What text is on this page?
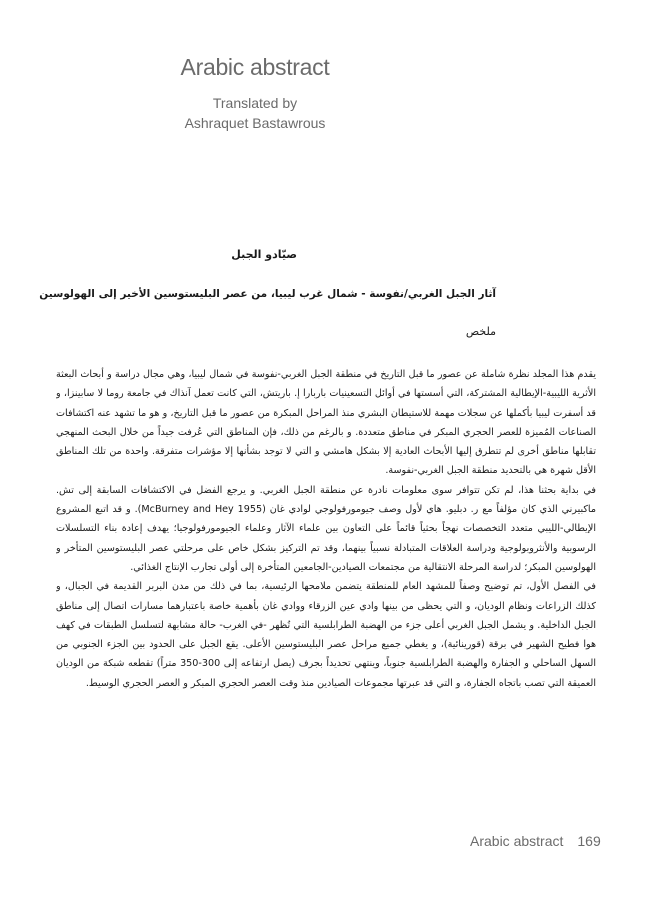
Arabic abstract
Translated by
Ashraquet Bastawrous
صيّادو الجبل
آثار الجبل الغربي/نفوسة - شمال غرب ليبيا، من عصر البليستوسين الأخير إلى الهولوسين
ملخص

يقدم هذا المجلد نظرة شاملة عن عصور ما قبل التاريخ في منطقة الجبل الغربي-نفوسة في شمال ليبيا، وهي مجال دراسة و أبحاث البعثة الأثرية الليبية-الإيطالية المشتركة، التي أسستها في أوائل التسعينيات باربارا إ. باريتش، التي كانت تعمل آنذاك في جامعة روما لا سابينزا، و قد أسفرت ليبيا بأكملها عن سجلات مهمة للاستيطان البشري منذ المراحل المبكرة من عصور ما قبل التاريخ، و هو ما تشهد عنه اكتشافات الصناعات المُميزة للعصر الحجري المبكر في مناطق متعددة. و بالرغم من ذلك، فإن المناطق التي عُرفت جيداً من خلال البحث المنهجي تقابلها مناطق أخرى لم تتطرق إليها الأبحاث العادية إلا بشكل هامشي و التي لا توجد بشأنها إلا مؤشرات متفرقة. واحدة من تلك المناطق الأقل شهرة هي بالتحديد منطقة الجبل الغربي-نفوسة.

في بداية بحثنا هذا، لم تكن تتوافر سوى معلومات نادرة عن منطقة الجبل الغربي. و يرجع الفضل في الاكتشافات السابقة إلى تش. ماكبيرني الذي كان مؤلفاً مع ر. دبليو. هاي لأول وصف جيومورفولوجي لوادي غان (McBurney and Hey 1955). و قد اتبع المشروع الإيطالي-الليبي متعدد التخصصات نهجاً بحثياً قائماً على التعاون بين علماء الآثار وعلماء الجيومورفولوجيا؛ يهدف إعادة بناء التسلسلات الرسوبية والأنثروبولوجية ودراسة العلاقات المتبادلة نسبياً بينهما، وقد تم التركيز بشكل خاص على مرحلتي عصر البليستوسين المتأخر و الهولوسين المبكر؛ لدراسة المرحلة الانتقالية من مجتمعات الصيادين-الجامعين المتأخرة إلى أولى تجارب الإنتاج الغذائي.

في الفصل الأول، تم توضيح وصفاً للمشهد العام للمنطقة يتضمن ملامحها الرئيسية، بما في ذلك من مدن البربر القديمة في الجبال، و كذلك الزراعات ونظام الوديان، و التي يحظى من بينها وادي عين الزرقاء ووادي غان بأهمية خاصة باعتبارهما مسارات اتصال إلى مناطق الجبل الداخلية. و يشمل الجبل الغربي أعلى جزء من الهضبة الطرابلسية التي تُظهر -في الغرب- حالة مشابهة لتسلسل الطبقات في كهف هوا فطيح الشهير في برقة (قورينائية)، و يغطي جميع مراحل عصر البليستوسين الأعلى. يقع الجبل على الحدود بين الجزء الجنوبي من السهل الساحلي و الجفارة والهضبة الطرابلسية جنوباً، وينتهي تحديداً بجرف (يصل ارتفاعه إلى 300-350 متراً) تقطعه شبكة من الوديان العميقة التي تصب باتجاه الجفارة، و التي قد عبرتها مجموعات الصيادين منذ وقت العصر الحجري المبكر و العصر الحجري الوسيط.

Arabic abstract 169
